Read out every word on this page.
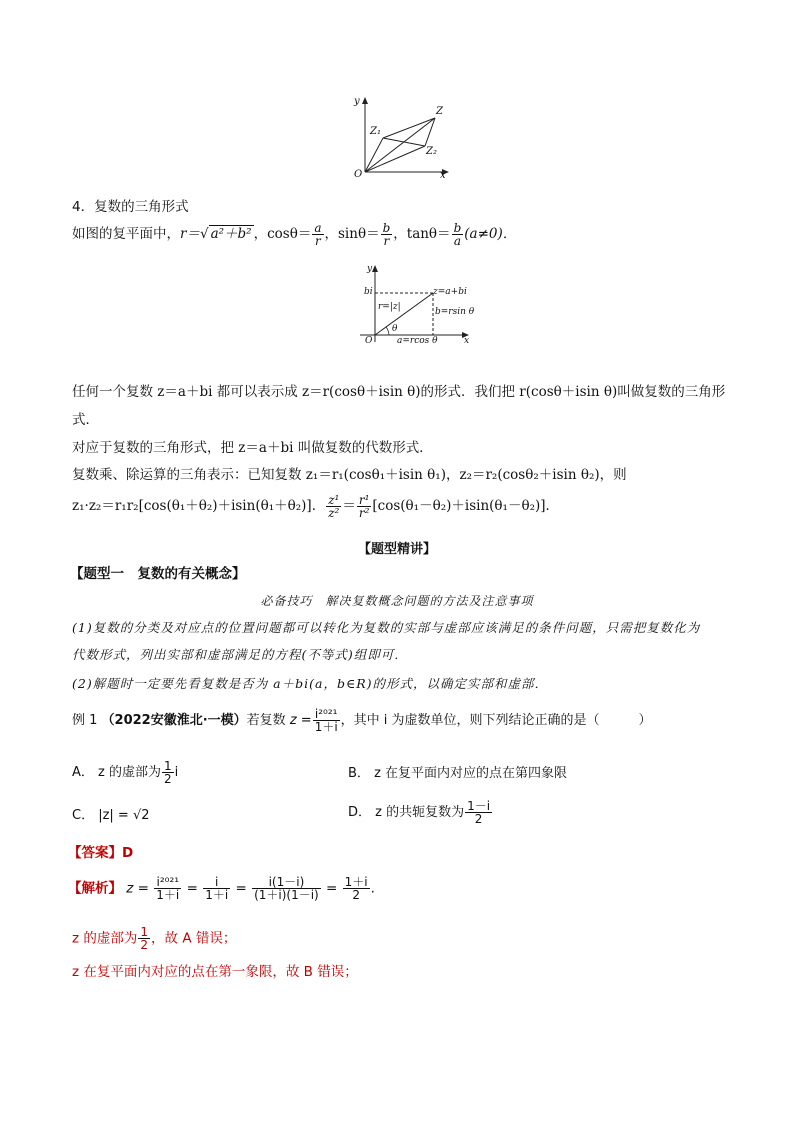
y
x
O
Z
Z₁
Z₂
4．复数的三角形式
如图的复平面中，r＝√ a²＋b² ，$\cos\theta= \frac{a}{r}$ ，$\sin\theta= \frac{b}{r}$ ，$\tan\theta= \frac{b}{a} (a\ne 0)$．
y
x
O
bi	z=a+bi
r=|z|	b=rsin θ
θ
a=rcos θ
任何一个复数 z＝a＋bi 都可以表示成 z＝r(cosθ＋isin θ)的形式．我们把 r(cosθ＋isin θ)叫做复数的三角形
式．
对应于复数的三角形式，把 z＝a＋bi 叫做复数的代数形式．
复数乘、除运算的三角表示：已知复数 z₁＝r₁(cosθ₁＋isin θ₁)，z₂＝r₂(cosθ₂＋isin θ₂)，则
z₁·z₂＝r₁r₂[cos(θ₁＋θ₂)＋isin(θ₁＋θ₂)]． $\frac{\text{z¹}}{\text{z²}} = \frac{\text{r¹}}{\text{r²}} [\cos(\theta_1-\theta_2)+isin(\theta_1-\theta_2)]$．
【题型精讲】
【题型一　复数的有关概念】
必备技巧　解决复数概念问题的方法及注意事项
(1)复数的分类及对应点的位置问题都可以转化为复数的实部与虚部应该满足的条件问题，只需把复数化为
代数形式，列出实部和虚部满足的方程(不等式)组即可．
(2)解题时一定要先看复数是否为 a＋bi(a，b∈R)的形式，以确定实部和虚部．
例 1 （2022安徽淮北·一模）若复数 $z = \frac{\text{i²⁰²¹}}{1+i}$ ，其中 i 为虚数单位，则下列结论正确的是（　　　）
A． z 的虚部为 $\frac{1}{2}$ i	B． z 在复平面内对应的点在第四象限
C． |z| = √2	D． z 的共轭复数为 $\frac{1-i}{2}$
【答案】D
【解析】 $z = \frac{\text{i²⁰²¹}}{1+i} = \frac{i}{1+i} = \frac{i(1-i)}{(1+i)(1-i)} = \frac{1+i}{2}$ .
z 的虚部为 $\frac{1}{2}$ ，故 A 错误；
z 在复平面内对应的点在第一象限，故 B 错误；
